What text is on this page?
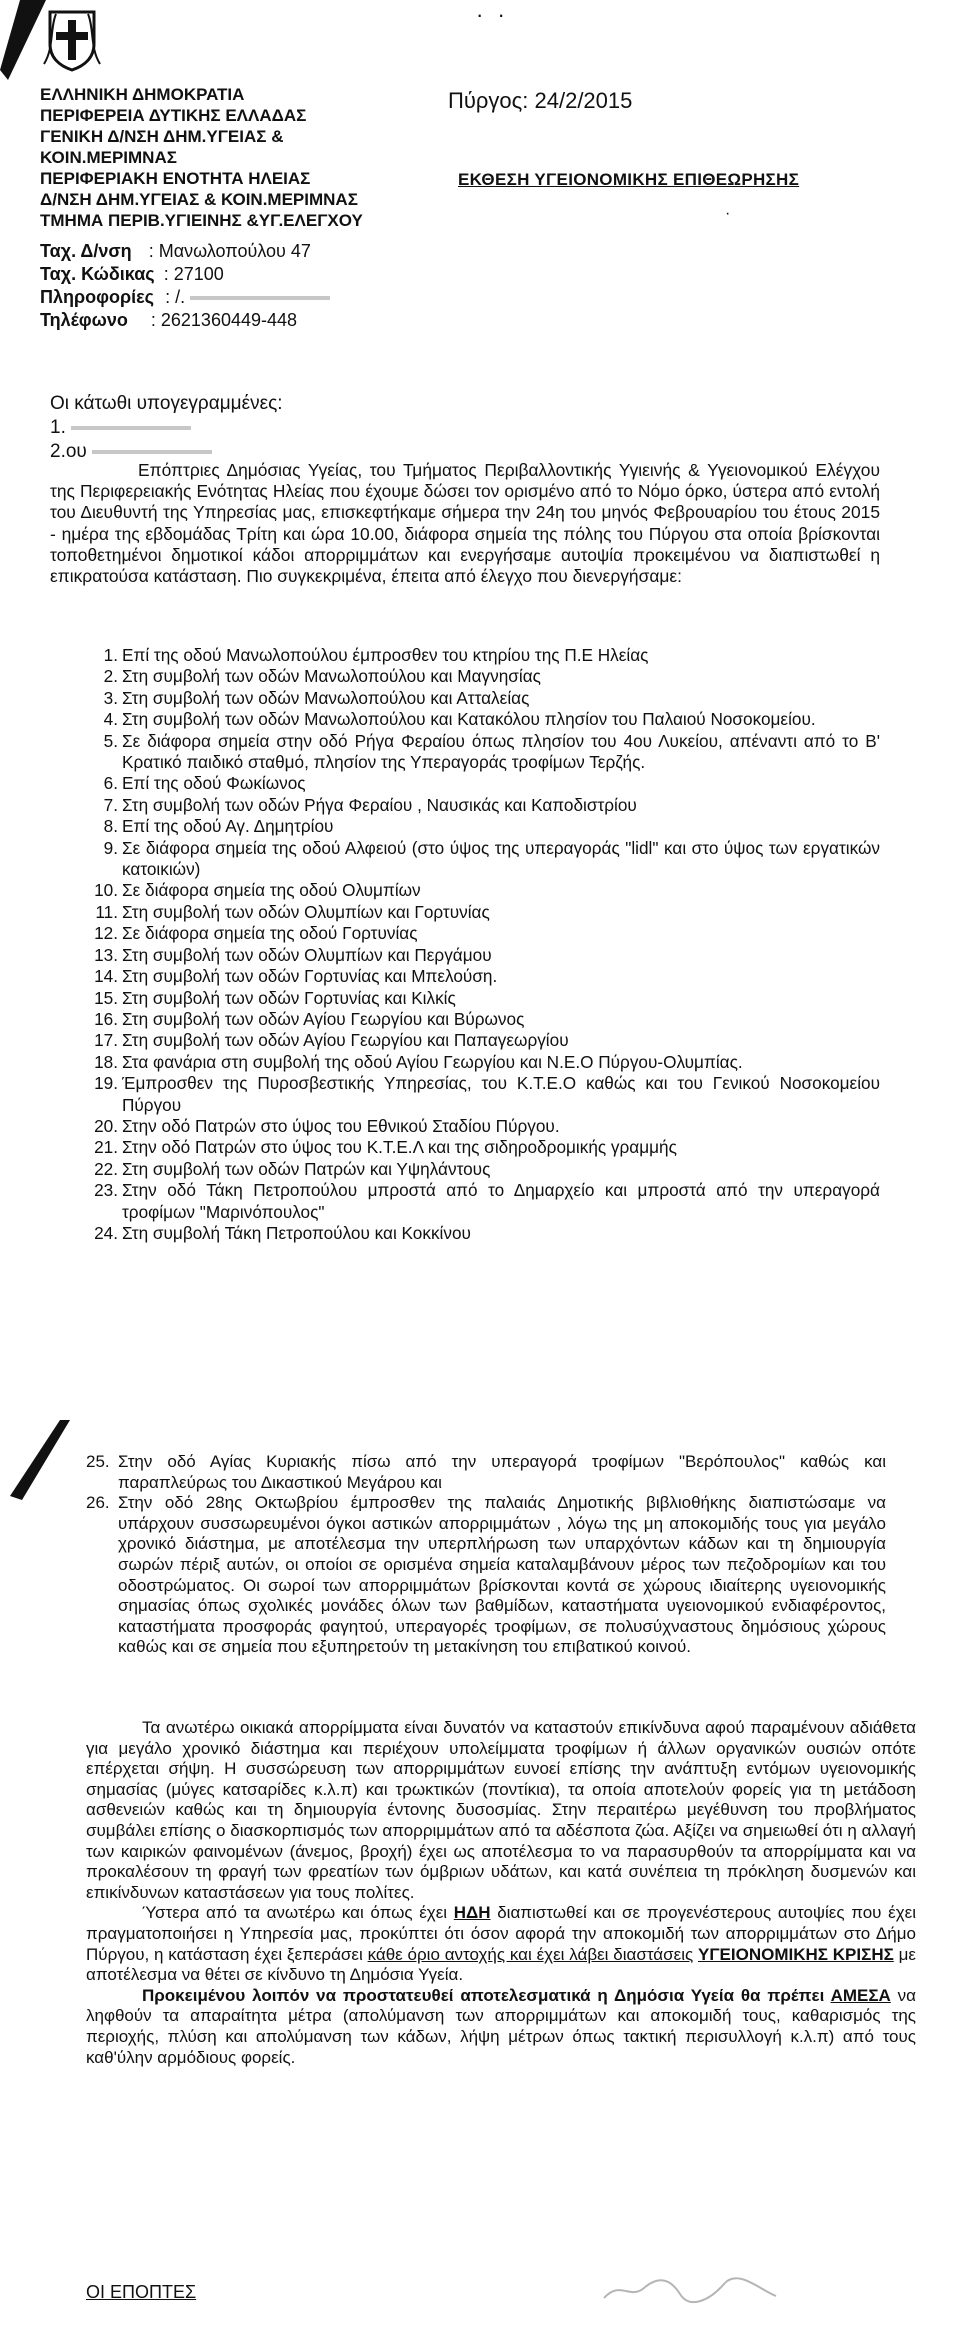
· ·
ΕΛΛΗΝΙΚΗ ΔΗΜΟΚΡΑΤΙΑ
ΠΕΡΙΦΕΡΕΙΑ ΔΥΤΙΚΗΣ ΕΛΛΑΔΑΣ
ΓΕΝΙΚΗ Δ/ΝΣΗ ΔΗΜ.ΥΓΕΙΑΣ &
ΚΟΙΝ.ΜΕΡΙΜΝΑΣ
ΠΕΡΙΦΕΡΙΑΚΗ ΕΝΟΤΗΤΑ ΗΛΕΙΑΣ
Δ/ΝΣΗ ΔΗΜ.ΥΓΕΙΑΣ & ΚΟΙΝ.ΜΕΡΙΜΝΑΣ
ΤΜΗΜΑ ΠΕΡΙΒ.ΥΓΙΕΙΝΗΣ &ΥΓ.ΕΛΕΓΧΟΥ
Ταχ. Δ/νση : Μανωλοπούλου 47
Ταχ. Κώδικας : 27100
Πληροφορίες : /.
Τηλέφωνο : 2621360449-448
Πύργος: 24/2/2015
ΕΚΘΕΣΗ ΥΓΕΙΟΝΟΜΙΚΗΣ ΕΠΙΘΕΩΡΗΣΗΣ
·
Οι κάτωθι υπογεγραμμένες:
1.
2.ου

Επόπτριες Δημόσιας Υγείας, του Τμήματος Περιβαλλοντικής Υγιεινής & Υγειονομικού Ελέγχου της Περιφερειακής Ενότητας Ηλείας που έχουμε δώσει τον ορισμένο από το Νόμο όρκο, ύστερα από εντολή του Διευθυντή της Υπηρεσίας μας, επισκεφτήκαμε σήμερα την 24η του μηνός Φεβρουαρίου του έτους 2015 - ημέρα της εβδομάδας Τρίτη και ώρα 10.00, διάφορα σημεία της πόλης του Πύργου στα οποία βρίσκονται τοποθετημένοι δημοτικοί κάδοι απορριμμάτων και ενεργήσαμε αυτοψία προκειμένου να διαπιστωθεί η επικρατούσα κατάσταση. Πιο συγκεκριμένα, έπειτα από έλεγχο που διενεργήσαμε:

1. Επί της οδού Μανωλοπούλου έμπροσθεν του κτηρίου της Π.Ε Ηλείας
2. Στη συμβολή των οδών Μανωλοπούλου και Μαγνησίας
3. Στη συμβολή των οδών Μανωλοπούλου και Ατταλείας
4. Στη συμβολή των οδών Μανωλοπούλου και Κατακόλου πλησίον του Παλαιού Νοσοκομείου.
5. Σε διάφορα σημεία στην οδό Ρήγα Φεραίου όπως πλησίον του 4ου Λυκείου, απέναντι από το Β' Κρατικό παιδικό σταθμό, πλησίον της Υπεραγοράς τροφίμων Τερζής.
6. Επί της οδού Φωκίωνος
7. Στη συμβολή των οδών Ρήγα Φεραίου , Ναυσικάς και Καποδιστρίου
8. Επί της οδού Αγ. Δημητρίου
9. Σε διάφορα σημεία της οδού Αλφειού (στο ύψος της υπεραγοράς "lidl" και στο ύψος των εργατικών κατοικιών)
10. Σε διάφορα σημεία της οδού Ολυμπίων
11. Στη συμβολή των οδών Ολυμπίων και Γορτυνίας
12. Σε διάφορα σημεία της οδού Γορτυνίας
13. Στη συμβολή των οδών Ολυμπίων και Περγάμου
14. Στη συμβολή των οδών Γορτυνίας και Μπελούση.
15. Στη συμβολή των οδών Γορτυνίας και Κιλκίς
16. Στη συμβολή των οδών Αγίου Γεωργίου και Βύρωνος
17. Στη συμβολή των οδών Αγίου Γεωργίου και Παπαγεωργίου
18. Στα φανάρια στη συμβολή της οδού Αγίου Γεωργίου και Ν.Ε.Ο Πύργου-Ολυμπίας.
19. Έμπροσθεν της Πυροσβεστικής Υπηρεσίας, του Κ.Τ.Ε.Ο καθώς και του Γενικού Νοσοκομείου Πύργου
20. Στην οδό Πατρών στο ύψος του Εθνικού Σταδίου Πύργου.
21. Στην οδό Πατρών στο ύψος του Κ.Τ.Ε.Λ και της σιδηροδρομικής γραμμής
22. Στη συμβολή των οδών Πατρών και Υψηλάντους
23. Στην οδό Τάκη Πετροπούλου μπροστά από το Δημαρχείο και μπροστά από την υπεραγορά τροφίμων "Μαρινόπουλος"
24. Στη συμβολή Τάκη Πετροπούλου και Κοκκίνου
25. Στην οδό Αγίας Κυριακής πίσω από την υπεραγορά τροφίμων "Βερόπουλος" καθώς και παραπλεύρως του Δικαστικού Μεγάρου και
26. Στην οδό 28ης Οκτωβρίου έμπροσθεν της παλαιάς Δημοτικής βιβλιοθήκης διαπιστώσαμε να υπάρχουν συσσωρευμένοι όγκοι αστικών απορριμμάτων , λόγω της μη αποκομιδής τους για μεγάλο χρονικό διάστημα, με αποτέλεσμα την υπερπλήρωση των υπαρχόντων κάδων και τη δημιουργία σωρών πέριξ αυτών, οι οποίοι σε ορισμένα σημεία καταλαμβάνουν μέρος των πεζοδρομίων και του οδοστρώματος. Οι σωροί των απορριμμάτων βρίσκονται κοντά σε χώρους ιδιαίτερης υγειονομικής σημασίας όπως σχολικές μονάδες όλων των βαθμίδων, καταστήματα υγειονομικού ενδιαφέροντος, καταστήματα προσφοράς φαγητού, υπεραγορές τροφίμων, σε πολυσύχναστους δημόσιους χώρους καθώς και σε σημεία που εξυπηρετούν τη μετακίνηση του επιβατικού κοινού.

Τα ανωτέρω οικιακά απορρίμματα είναι δυνατόν να καταστούν επικίνδυνα αφού παραμένουν αδιάθετα για μεγάλο χρονικό διάστημα και περιέχουν υπολείμματα τροφίμων ή άλλων οργανικών ουσιών οπότε επέρχεται σήψη. Η συσσώρευση των απορριμμάτων ευνοεί επίσης την ανάπτυξη εντόμων υγειονομικής σημασίας (μύγες κατσαρίδες κ.λ.π) και τρωκτικών (ποντίκια), τα οποία αποτελούν φορείς για τη μετάδοση ασθενειών καθώς και τη δημιουργία έντονης δυσοσμίας. Στην περαιτέρω μεγέθυνση του προβλήματος συμβάλει επίσης ο διασκορπισμός των απορριμμάτων από τα αδέσποτα ζώα. Αξίζει να σημειωθεί ότι η αλλαγή των καιρικών φαινομένων (άνεμος, βροχή) έχει ως αποτέλεσμα το να παρασυρθούν τα απορρίμματα και να προκαλέσουν τη φραγή των φρεατίων των όμβριων υδάτων, και κατά συνέπεια τη πρόκληση δυσμενών και επικίνδυνων καταστάσεων για τους πολίτες.

Ύστερα από τα ανωτέρω και όπως έχει ΗΔΗ διαπιστωθεί και σε προγενέστερους αυτοψίες που έχει πραγματοποιήσει η Υπηρεσία μας, προκύπτει ότι όσον αφορά την αποκομιδή των απορριμμάτων στο Δήμο Πύργου, η κατάσταση έχει ξεπεράσει κάθε όριο αντοχής και έχει λάβει διαστάσεις ΥΓΕΙΟΝΟΜΙΚΗΣ ΚΡΙΣΗΣ με αποτέλεσμα να θέτει σε κίνδυνο τη Δημόσια Υγεία.

Προκειμένου λοιπόν να προστατευθεί αποτελεσματικά η Δημόσια Υγεία θα πρέπει ΑΜΕΣΑ να ληφθούν τα απαραίτητα μέτρα (απολύμανση των απορριμμάτων και αποκομιδή τους, καθαρισμός της περιοχής, πλύση και απολύμανση των κάδων, λήψη μέτρων όπως τακτική περισυλλογή κ.λ.π) από τους καθ'ύλην αρμόδιους φορείς.

ΟΙ ΕΠΟΠΤΕΣ
